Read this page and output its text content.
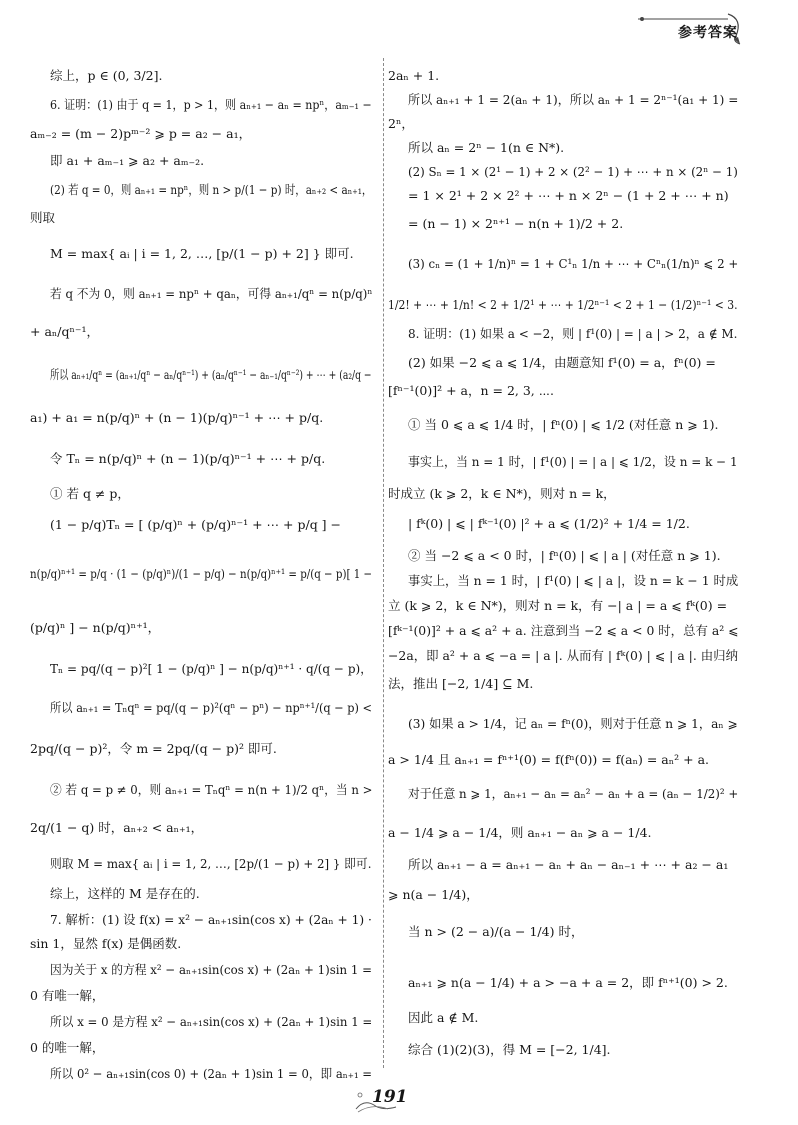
参考答案
综上，p ∈ (0, 3/2].
6. 证明：(1) 由于 q = 1，p > 1，则 aₙ₊₁ − aₙ = npⁿ，aₘ₋₁ −
aₘ₋₂ = (m − 2)pᵐ⁻² ⩾ p = a₂ − a₁，
即 a₁ + aₘ₋₁ ⩾ a₂ + aₘ₋₂.
(2) 若 q = 0，则 aₙ₊₁ = npⁿ，则 n > p/(1 − p) 时，aₙ₊₂ < aₙ₊₁，
则取
M = max{ aᵢ | i = 1, 2, …, [p/(1 − p) + 2] } 即可.
若 q 不为 0，则 aₙ₊₁ = npⁿ + qaₙ，可得 aₙ₊₁/qⁿ = n(p/q)ⁿ
+ aₙ/qⁿ⁻¹，
所以 aₙ₊₁/qⁿ = (aₙ₊₁/qⁿ − aₙ/qⁿ⁻¹) + (aₙ/qⁿ⁻¹ − aₙ₋₁/qⁿ⁻²) + ⋯ + (a₂/q −
a₁) + a₁ = n(p/q)ⁿ + (n − 1)(p/q)ⁿ⁻¹ + ⋯ + p/q.
令 Tₙ = n(p/q)ⁿ + (n − 1)(p/q)ⁿ⁻¹ + ⋯ + p/q.
① 若 q ≠ p，
(1 − p/q)Tₙ = [ (p/q)ⁿ + (p/q)ⁿ⁻¹ + ⋯ + p/q ] −
n(p/q)ⁿ⁺¹ = p/q · (1 − (p/q)ⁿ)/(1 − p/q) − n(p/q)ⁿ⁺¹ = p/(q − p)[ 1 −
(p/q)ⁿ ] − n(p/q)ⁿ⁺¹，
Tₙ = pq/(q − p)²[ 1 − (p/q)ⁿ ] − n(p/q)ⁿ⁺¹ · q/(q − p)，
所以 aₙ₊₁ = Tₙqⁿ = pq/(q − p)²(qⁿ − pⁿ) − npⁿ⁺¹/(q − p) <
2pq/(q − p)²，令 m = 2pq/(q − p)² 即可.
② 若 q = p ≠ 0，则 aₙ₊₁ = Tₙqⁿ = n(n + 1)/2 qⁿ，当 n >
2q/(1 − q) 时，aₙ₊₂ < aₙ₊₁，
则取 M = max{ aᵢ | i = 1, 2, …, [2p/(1 − p) + 2] } 即可.
综上，这样的 M 是存在的.
7. 解析：(1) 设 f(x) = x² − aₙ₊₁sin(cos x) + (2aₙ + 1) ·
sin 1，显然 f(x) 是偶函数.
因为关于 x 的方程 x² − aₙ₊₁sin(cos x) + (2aₙ + 1)sin 1 =
0 有唯一解，
所以 x = 0 是方程 x² − aₙ₊₁sin(cos x) + (2aₙ + 1)sin 1 =
0 的唯一解，
所以 0² − aₙ₊₁sin(cos 0) + (2aₙ + 1)sin 1 = 0，即 aₙ₊₁ =
2aₙ + 1.
所以 aₙ₊₁ + 1 = 2(aₙ + 1)，所以 aₙ + 1 = 2ⁿ⁻¹(a₁ + 1) =
2ⁿ，
所以 aₙ = 2ⁿ − 1(n ∈ N*).
(2) Sₙ = 1 × (2¹ − 1) + 2 × (2² − 1) + ⋯ + n × (2ⁿ − 1)
= 1 × 2¹ + 2 × 2² + ⋯ + n × 2ⁿ − (1 + 2 + ⋯ + n)
= (n − 1) × 2ⁿ⁺¹ − n(n + 1)/2 + 2.
(3) cₙ = (1 + 1/n)ⁿ = 1 + C¹ₙ 1/n + ⋯ + Cⁿₙ(1/n)ⁿ ⩽ 2 +
1/2! + ⋯ + 1/n! < 2 + 1/2¹ + ⋯ + 1/2ⁿ⁻¹ < 2 + 1 − (1/2)ⁿ⁻¹ < 3.
8. 证明：(1) 如果 a < −2，则 | f¹(0) | = | a | > 2，a ∉ M.
(2) 如果 −2 ⩽ a ⩽ 1/4，由题意知 f¹(0) = a，fⁿ(0) =
[fⁿ⁻¹(0)]² + a，n = 2, 3, ⋯.
① 当 0 ⩽ a ⩽ 1/4 时，| fⁿ(0) | ⩽ 1/2 (对任意 n ⩾ 1).
事实上，当 n = 1 时，| f¹(0) | = | a | ⩽ 1/2，设 n = k − 1
时成立 (k ⩾ 2，k ∈ N*)，则对 n = k，
| fᵏ(0) | ⩽ | fᵏ⁻¹(0) |² + a ⩽ (1/2)² + 1/4 = 1/2.
② 当 −2 ⩽ a < 0 时，| fⁿ(0) | ⩽ | a | (对任意 n ⩾ 1).
事实上，当 n = 1 时，| f¹(0) | ⩽ | a |，设 n = k − 1 时成
立 (k ⩾ 2，k ∈ N*)，则对 n = k，有 −| a | = a ⩽ fᵏ(0) =
[fᵏ⁻¹(0)]² + a ⩽ a² + a. 注意到当 −2 ⩽ a < 0 时，总有 a² ⩽
−2a，即 a² + a ⩽ −a = | a |. 从而有 | fᵏ(0) | ⩽ | a |. 由归纳
法，推出 [−2, 1/4] ⊆ M.
(3) 如果 a > 1/4，记 aₙ = fⁿ(0)，则对于任意 n ⩾ 1，aₙ ⩾
a > 1/4 且 aₙ₊₁ = fⁿ⁺¹(0) = f(fⁿ(0)) = f(aₙ) = aₙ² + a.
对于任意 n ⩾ 1，aₙ₊₁ − aₙ = aₙ² − aₙ + a = (aₙ − 1/2)² +
a − 1/4 ⩾ a − 1/4，则 aₙ₊₁ − aₙ ⩾ a − 1/4.
所以 aₙ₊₁ − a = aₙ₊₁ − aₙ + aₙ − aₙ₋₁ + ⋯ + a₂ − a₁
⩾ n(a − 1/4)，
当 n > (2 − a)/(a − 1/4) 时，
aₙ₊₁ ⩾ n(a − 1/4) + a > −a + a = 2，即 fⁿ⁺¹(0) > 2.
因此 a ∉ M.
综合 (1)(2)(3)，得 M = [−2, 1/4].
191
